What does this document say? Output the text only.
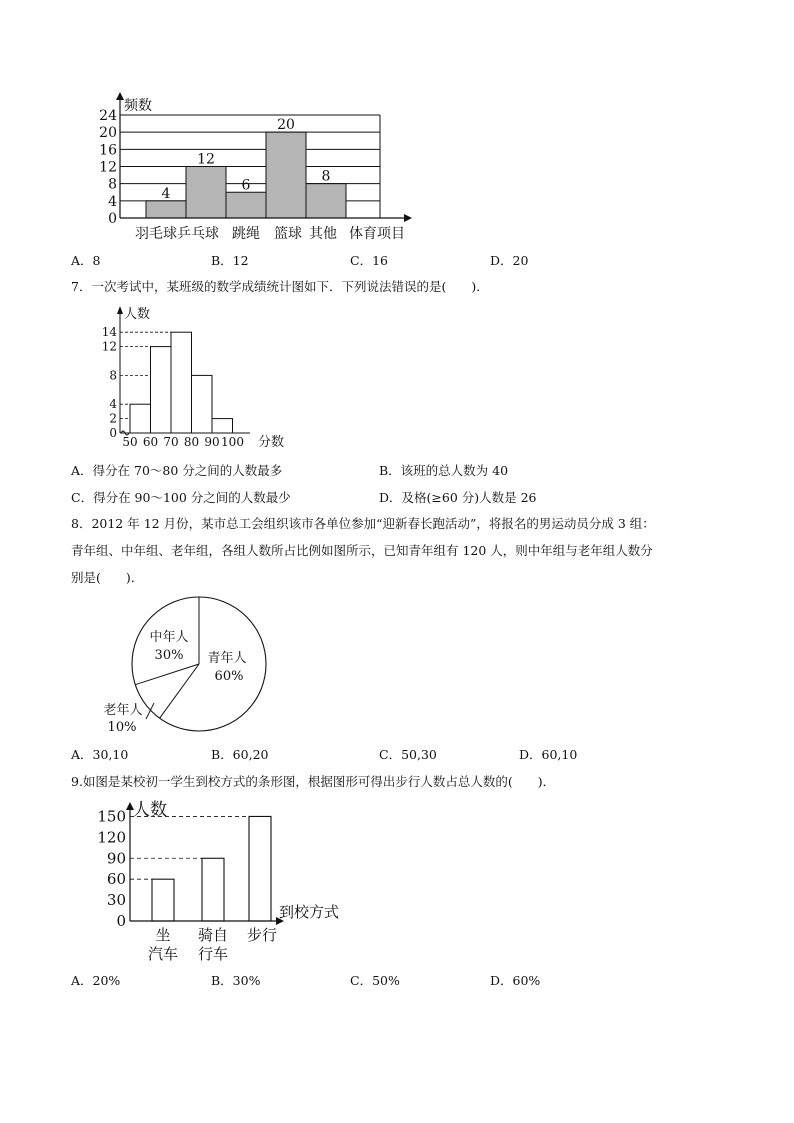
4
12
6
20
8
0
4
8
12
16
20
24
羽毛球 乒乓球 跳绳 篮球 其他
频数
体育项目
A．8	B．12	C．16	D．20
7．一次考试中，某班级的数学成绩统计图如下．下列说法错误的是(　　)．
0
2
4
8
12
14
50 60 70 80 90 100
人数
分数
A．得分在 70～80 分之间的人数最多	B．该班的总人数为 40
C．得分在 90～100 分之间的人数最少	D．及格(≥60 分)人数是 26
8．2012 年 12 月份，某市总工会组织该市各单位参加“迎新春长跑活动”，将报名的男运动员分成 3 组：
青年组、中年组、老年组，各组人数所占比例如图所示，已知青年组有 120 人，则中年组与老年组人数分
别是(　　)．
青年人
60%
中年人
30%
老年人
10%
A．30,10	B．60,20	C．50,30	D．60,10
9.如图是某校初一学生到校方式的条形图，根据图形可得出步行人数占总人数的(　　)．
0
30
60
90
120
150
坐
汽车
骑自
行车
步行
人数
到校方式
A．20%	B．30%	C．50%	D．60%
